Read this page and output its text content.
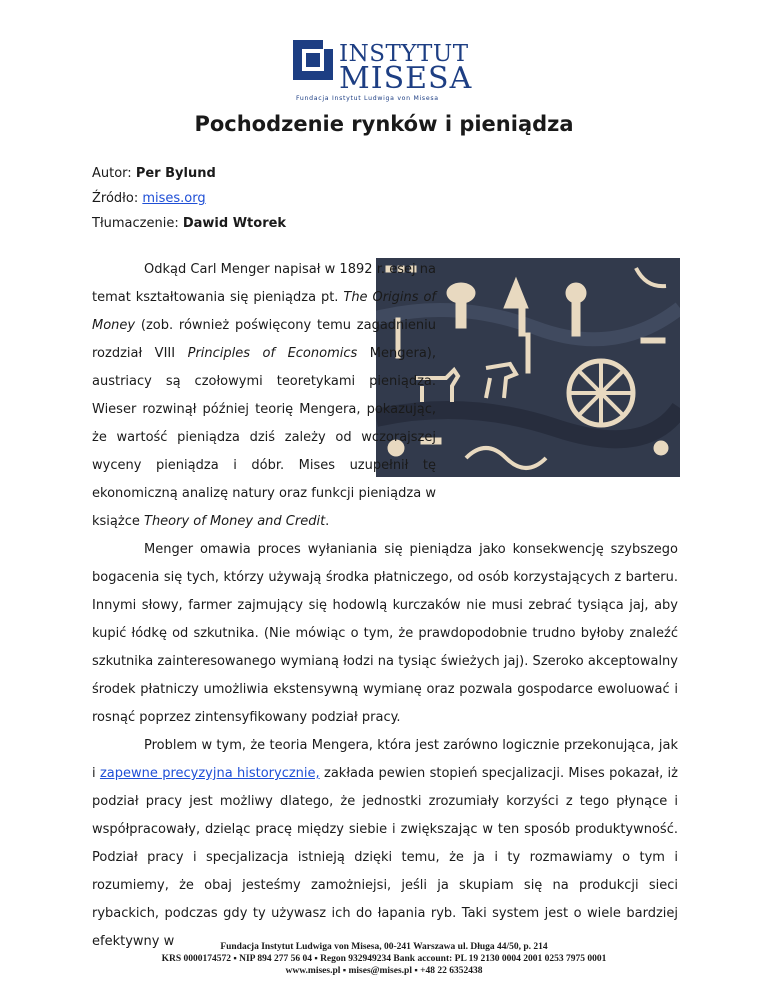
INSTYTUT
MISESA
Fundacja Instytut Ludwiga von Misesa
Pochodzenie rynków i pieniądza

Autor: Per Bylund

Źródło: mises.org

Tłumaczenie: Dawid Wtorek

Odkąd Carl Menger napisał w 1892 r. esej na temat kształtowania się pieniądza pt. The Origins of Money (zob. również poświęcony temu zagadnieniu rozdział VIII Principles of Economics Mengera), austriacy są czołowymi teoretykami pieniądza. Wieser rozwinął później teorię Mengera, pokazując, że wartość pieniądza dziś zależy od wczorajszej wyceny pieniądza i dóbr. Mises uzupełnił tę ekonomiczną analizę natury oraz funkcji pieniądza w książce Theory of Money and Credit.

Menger omawia proces wyłaniania się pieniądza jako konsekwencję szybszego bogacenia się tych, którzy używają środka płatniczego, od osób korzystających z barteru. Innymi słowy, farmer zajmujący się hodowlą kurczaków nie musi zebrać tysiąca jaj, aby kupić łódkę od szkutnika. (Nie mówiąc o tym, że prawdopodobnie trudno byłoby znaleźć szkutnika zainteresowanego wymianą łodzi na tysiąc świeżych jaj). Szeroko akceptowalny środek płatniczy umożliwia ekstensywną wymianę oraz pozwala gospodarce ewoluować i rosnąć poprzez zintensyfikowany podział pracy.

Problem w tym, że teoria Mengera, która jest zarówno logicznie przekonująca, jak i zapewne precyzyjna historycznie, zakłada pewien stopień specjalizacji. Mises pokazał, iż podział pracy jest możliwy dlatego, że jednostki zrozumiały korzyści z tego płynące i współpracowały, dzieląc pracę między siebie i zwiększając w ten sposób produktywność. Podział pracy i specjalizacja istnieją dzięki temu, że ja i ty rozmawiamy o tym i rozumiemy, że obaj jesteśmy zamożniejsi, jeśli ja skupiam się na produkcji sieci rybackich, podczas gdy ty używasz ich do łapania ryb. Taki system jest o wiele bardziej efektywny w	Fundacja Instytut Ludwiga von Misesa, 00-241 Warszawa ul. Długa 44/50, p. 214
KRS 0000174572 ▪ NIP 894 277 56 04 ▪ Regon 932949234 Bank account: PL 19 2130 0004 2001 0253 7975 0001
www.mises.pl ▪ mises@mises.pl ▪ +48 22 6352438
